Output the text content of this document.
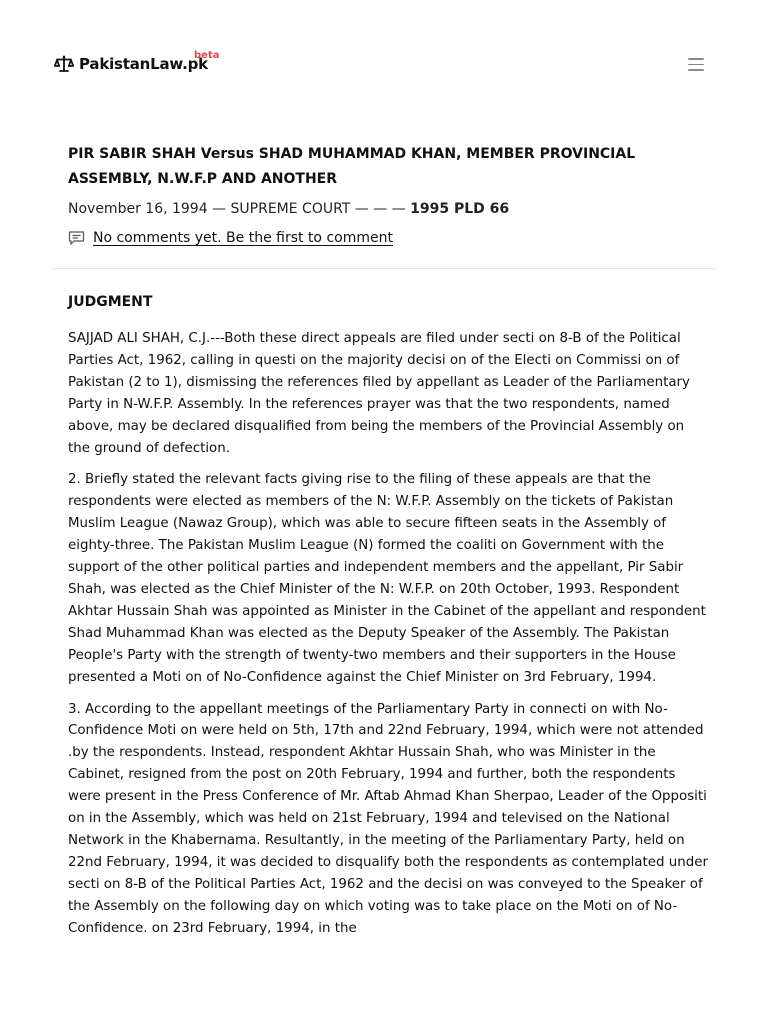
PakistanLaw.pk
beta
PIR SABIR SHAH Versus SHAD MUHAMMAD KHAN, MEMBER PROVINCIAL ASSEMBLY, N.W.F.P AND ANOTHER
November 16, 1994 — SUPREME COURT — — — 1995 PLD 66
No comments yet. Be the first to comment
JUDGMENT

SAJJAD ALI SHAH, C.J.---Both these direct appeals are filed under secti on 8-B of the Political Parties Act, 1962, calling in questi on the majority decisi on of the Electi on Commissi on of Pakistan (2 to 1), dismissing the references filed by appellant as Leader of the Parliamentary Party in N-W.F.P. Assembly. In the references prayer was that the two respondents, named above, may be declared disqualified from being the members of the Provincial Assembly on the ground of defection.

2. Briefly stated the relevant facts giving rise to the filing of these appeals are that the respondents were elected as members of the N: W.F.P. Assembly on the tickets of Pakistan Muslim League (Nawaz Group), which was able to secure fifteen seats in the Assembly of eighty-three. The Pakistan Muslim League (N) formed the coaliti on Government with the support of the other political parties and independent members and the appellant, Pir Sabir Shah, was elected as the Chief Minister of the N: W.F.P. on 20th October, 1993. Respondent Akhtar Hussain Shah was appointed as Minister in the Cabinet of the appellant and respondent Shad Muhammad Khan was elected as the Deputy Speaker of the Assembly. The Pakistan People's Party with the strength of twenty-two members and their supporters in the House presented a Moti on of No-Confidence against the Chief Minister on 3rd February, 1994.

3. According to the appellant meetings of the Parliamentary Party in connecti on with No-Confidence Moti on were held on 5th, 17th and 22nd February, 1994, which were not attended .by the respondents. Instead, respondent Akhtar Hussain Shah, who was Minister in the Cabinet, resigned from the post on 20th February, 1994 and further, both the respondents were present in the Press Conference of Mr. Aftab Ahmad Khan Sherpao, Leader of the Oppositi on in the Assembly, which was held on 21st February, 1994 and televised on the National Network in the Khabernama. Resultantly, in the meeting of the Parliamentary Party, held on 22nd February, 1994, it was decided to disqualify both the respondents as contemplated under secti on 8-B of the Political Parties Act, 1962 and the decisi on was conveyed to the Speaker of the Assembly on the following day on which voting was to take place on the Moti on of No-Confidence. on 23rd February, 1994, in the
